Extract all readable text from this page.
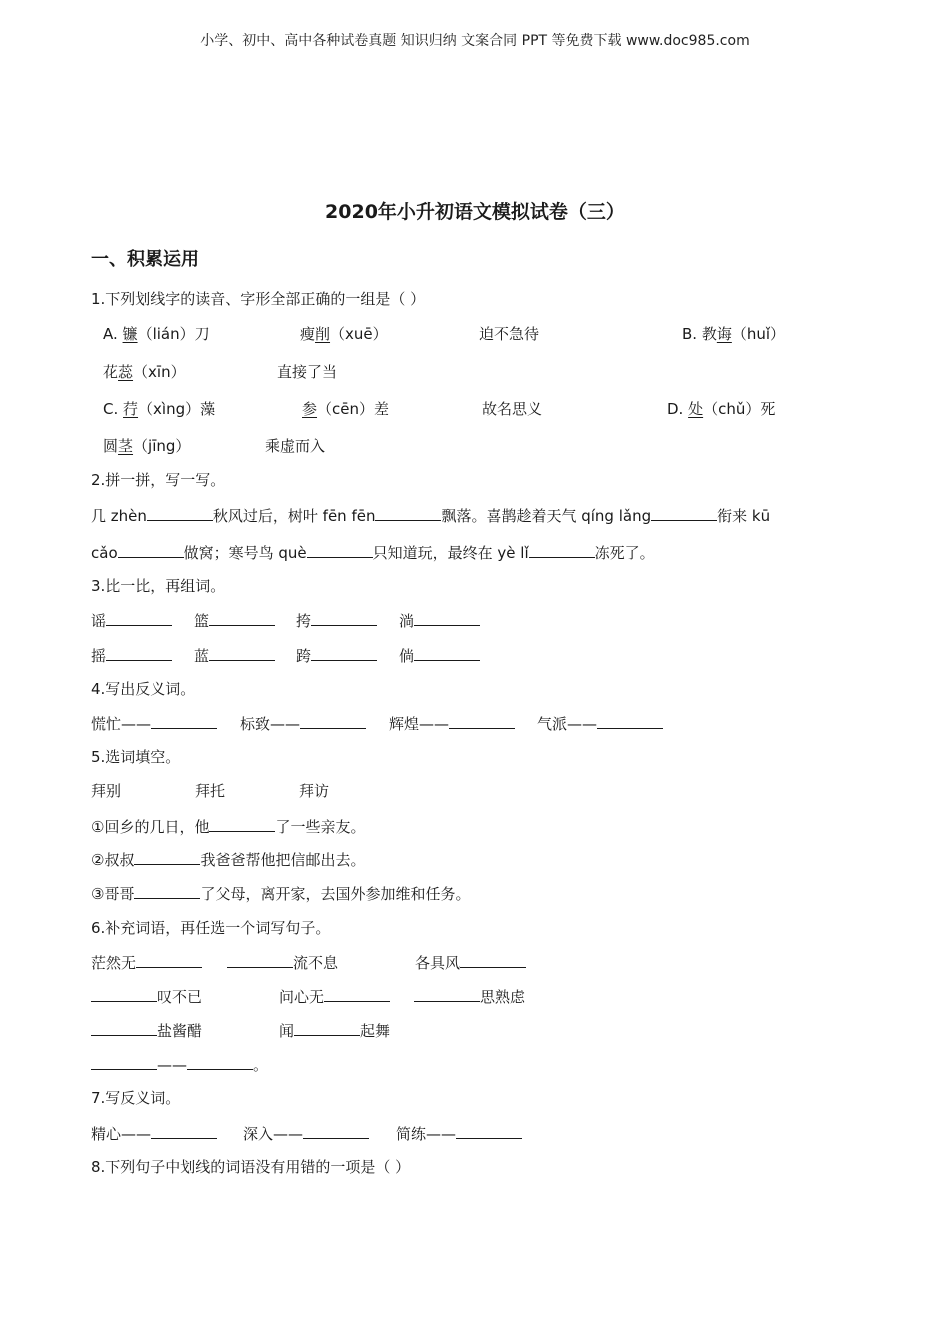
小学、初中、高中各种试卷真题 知识归纳 文案合同 PPT 等免费下载 www.doc985.com
2020年小升初语文模拟试卷（三）
一、积累运用
1.下列划线字的读音、字形全部正确的一组是（ ）
A. 镰（lián）刀	瘦削（xuē）	迫不急待	B. 教诲（huǐ）
花蕊（xīn）	直接了当
C. 荇（xìng）藻	参（cēn）差	故名思义	D. 处（chǔ）死
圆茎（jīng）	乘虚而入
2.拼一拼，写一写。
几 zhèn	秋风过后，树叶 fēn fēn	飘落。喜鹊趁着天气 qíng lǎng	衔来 kū
cǎo	做窝；寒号鸟 què	只知道玩，最终在 yè lǐ	冻死了。
3.比一比，再组词。
谣	篮	挎	淌
摇	蓝	跨	倘
4.写出反义词。
慌忙——	标致——	辉煌——	气派——
5.选词填空。
拜别	拜托	拜访
①回乡的几日，他	了一些亲友。
②叔叔	我爸爸帮他把信邮出去。
③哥哥	了父母，离开家，去国外参加维和任务。
6.补充词语，再任选一个词写句子。
茫然无	流不息	各具风
叹不已	问心无	思熟虑
盐酱醋	闻	起舞
——	。
7.写反义词。
精心——	深入——	简练——
8.下列句子中划线的词语没有用错的一项是（ ）
